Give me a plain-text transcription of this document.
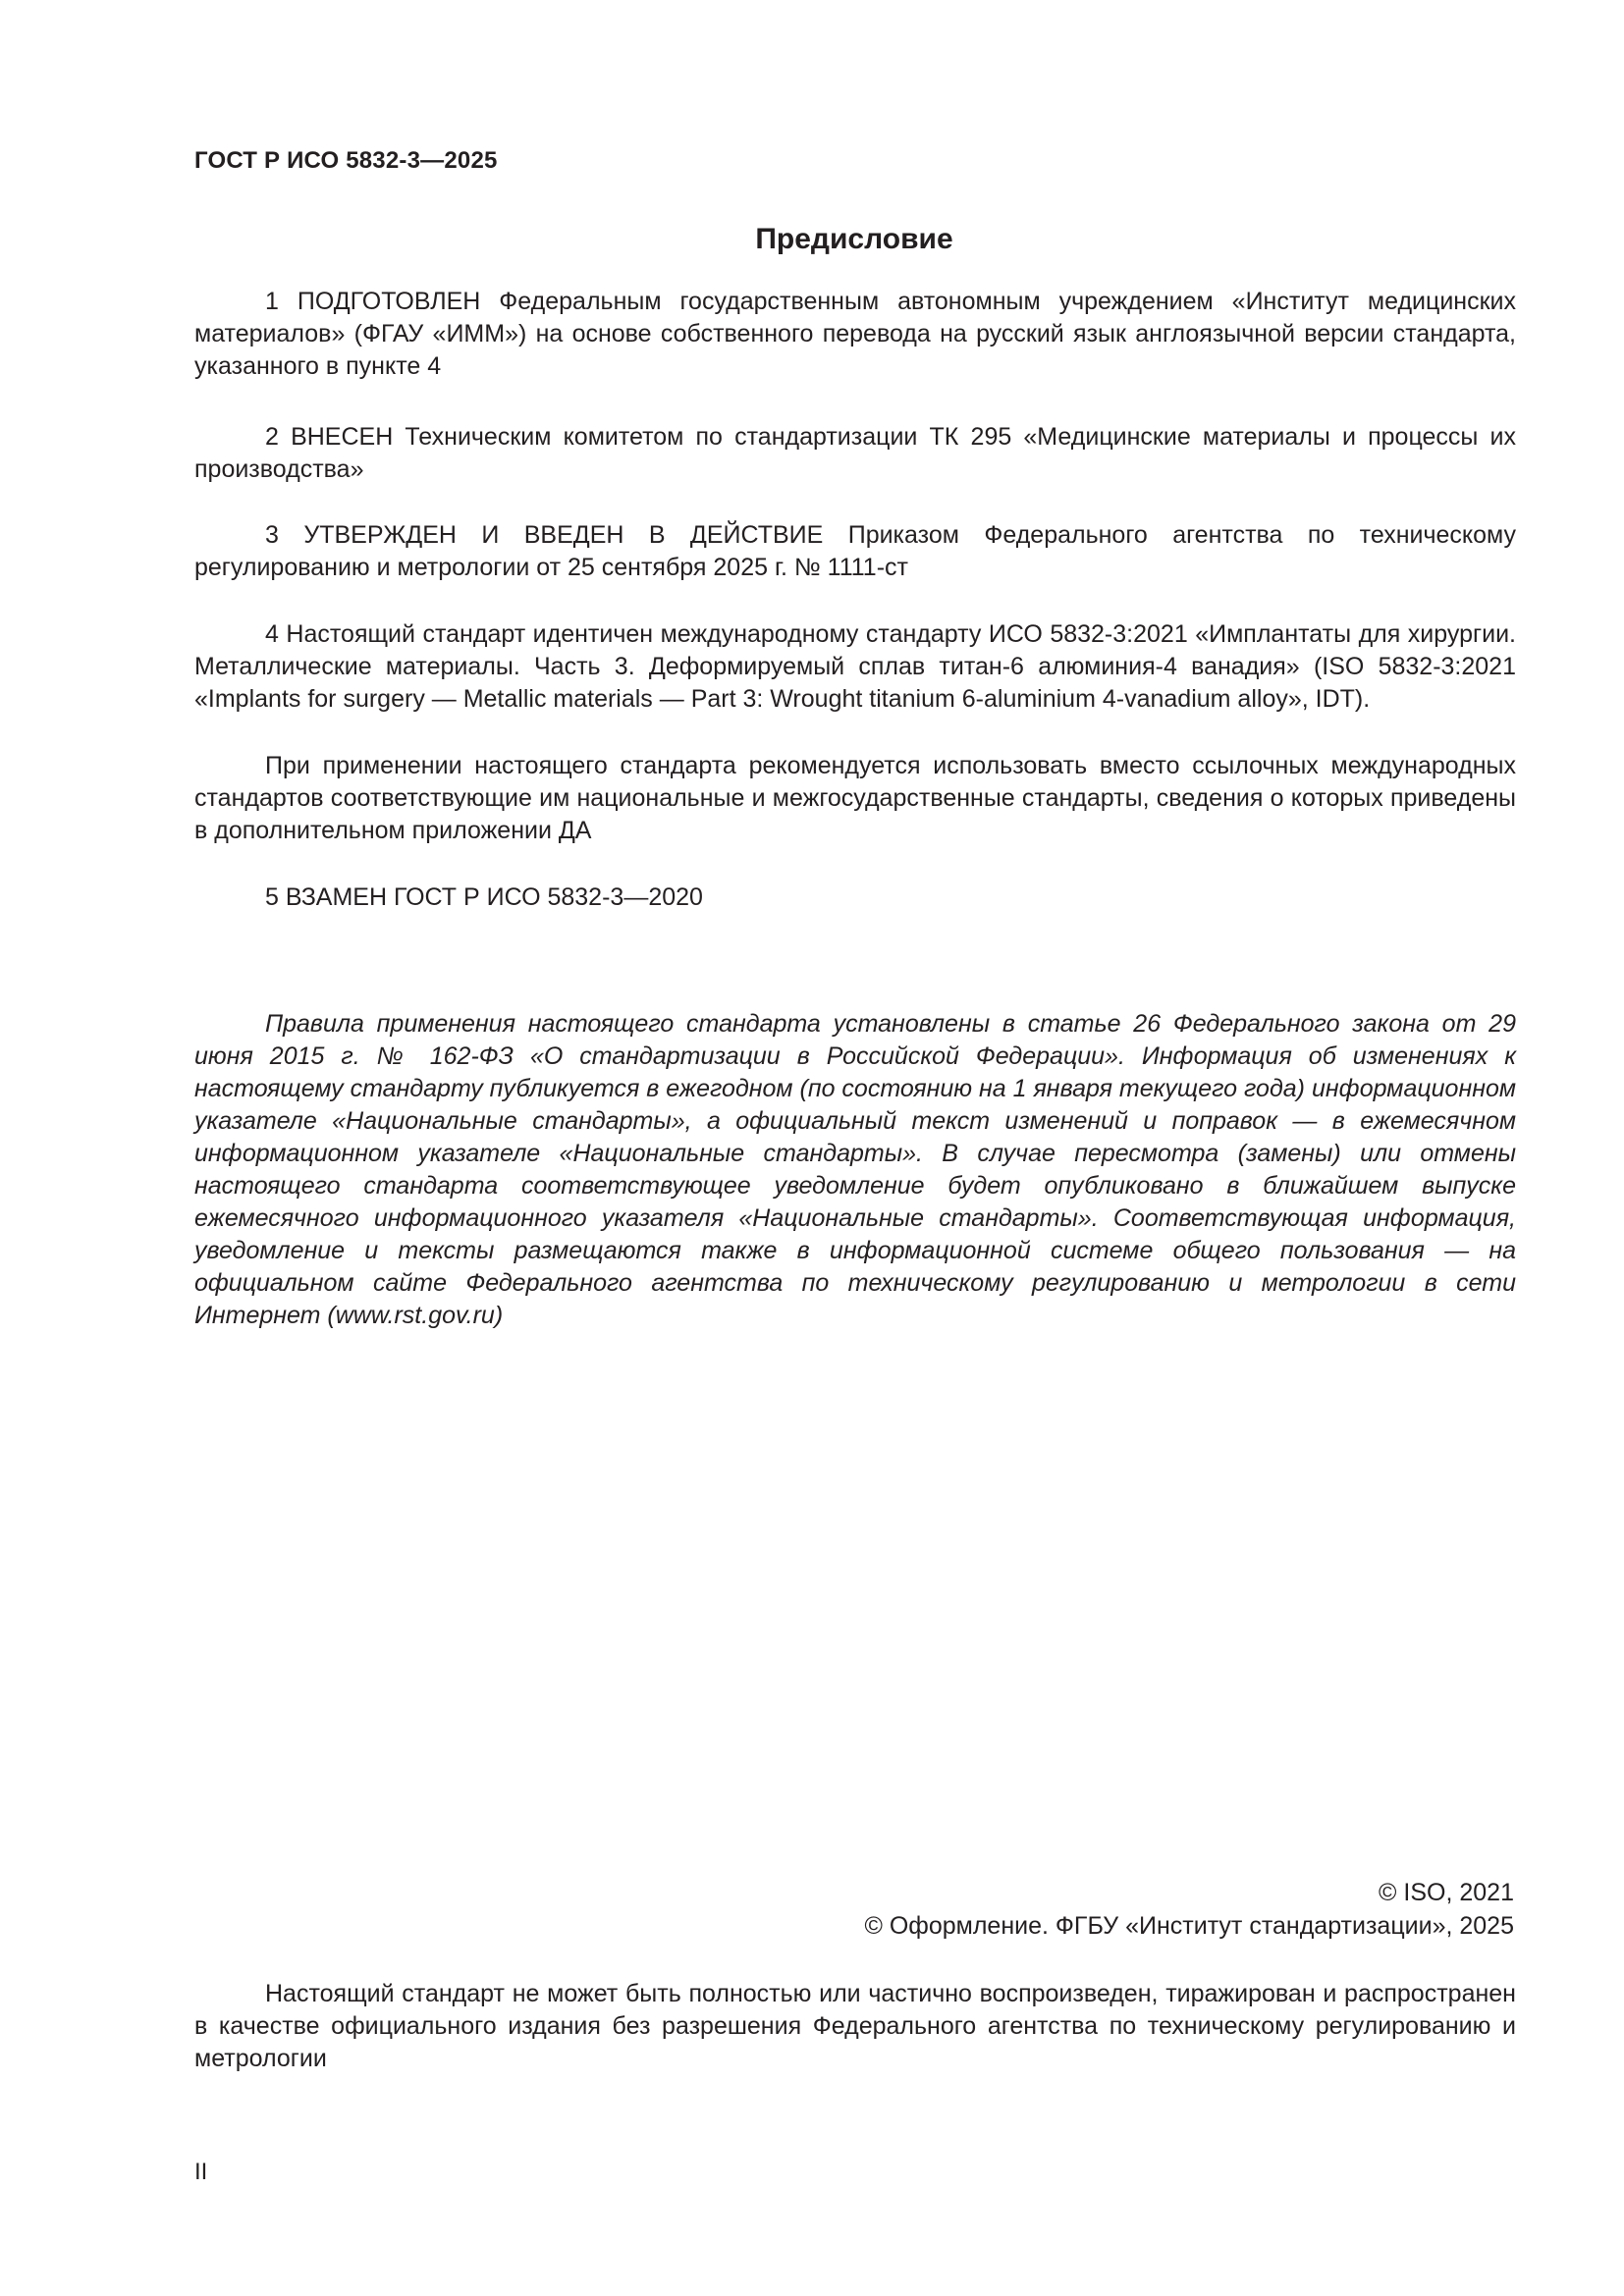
ГОСТ Р ИСО 5832-3—2025
Предисловие
1 ПОДГОТОВЛЕН Федеральным государственным автономным учреждением «Институт медицинских материалов» (ФГАУ «ИММ») на основе собственного перевода на русский язык англоязычной версии стандарта, указанного в пункте 4
2 ВНЕСЕН Техническим комитетом по стандартизации ТК 295 «Медицинские материалы и процессы их производства»
3 УТВЕРЖДЕН И ВВЕДЕН В ДЕЙСТВИЕ Приказом Федерального агентства по техническому регулированию и метрологии от 25 сентября 2025 г. № 1111-ст
4 Настоящий стандарт идентичен международному стандарту ИСО 5832-3:2021 «Имплантаты для хирургии. Металлические материалы. Часть 3. Деформируемый сплав титан-6 алюминия-4 ванадия» (ISO 5832-3:2021 «Implants for surgery — Metallic materials — Part 3: Wrought titanium 6-aluminium 4-vanadium alloy», IDT).
При применении настоящего стандарта рекомендуется использовать вместо ссылочных международных стандартов соответствующие им национальные и межгосударственные стандарты, сведения о которых приведены в дополнительном приложении ДА
5 ВЗАМЕН ГОСТ Р ИСО 5832-3—2020
Правила применения настоящего стандарта установлены в статье 26 Федерального закона от 29 июня 2015 г. № 162-ФЗ «О стандартизации в Российской Федерации». Информация об изменениях к настоящему стандарту публикуется в ежегодном (по состоянию на 1 января текущего года) информационном указателе «Национальные стандарты», а официальный текст изменений и поправок — в ежемесячном информационном указателе «Национальные стандарты». В случае пересмотра (замены) или отмены настоящего стандарта соответствующее уведомление будет опубликовано в ближайшем выпуске ежемесячного информационного указателя «Национальные стандарты». Соответствующая информация, уведомление и тексты размещаются также в информационной системе общего пользования — на официальном сайте Федерального агентства по техническому регулированию и метрологии в сети Интернет (www.rst.gov.ru)
© ISO, 2021
© Оформление. ФГБУ «Институт стандартизации», 2025
Настоящий стандарт не может быть полностью или частично воспроизведен, тиражирован и распространен в качестве официального издания без разрешения Федерального агентства по техническому регулированию и метрологии
II
